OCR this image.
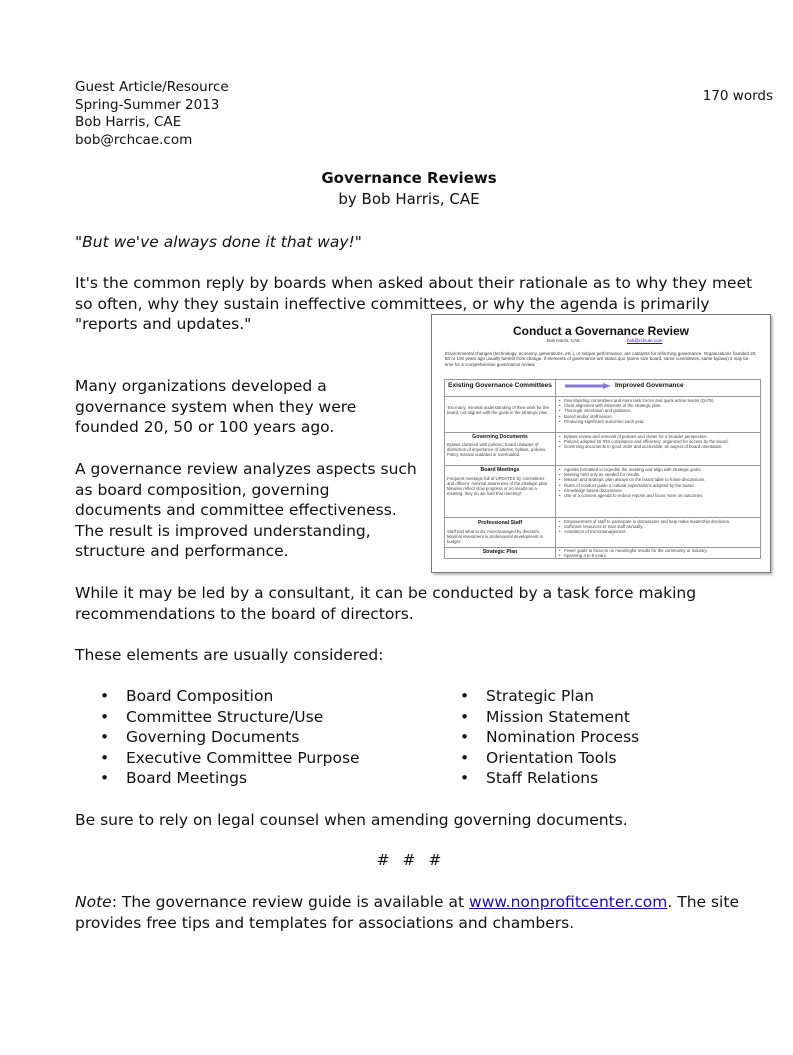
Guest Article/Resource
Spring-Summer 2013
Bob Harris, CAE
bob@rchcae.com
170 words
Governance Reviews
by Bob Harris, CAE
"But we've always done it that way!"
It's the common reply by boards when asked about their rationale as to why they meet so often, why they sustain ineffective committees, or why the agenda is primarily "reports and updates."
Many organizations developed a governance system when they were founded 20, 50 or 100 years ago.
A governance review analyzes aspects such as board composition, governing documents and committee effectiveness. The result is improved understanding, structure and performance.
While it may be led by a consultant, it can be conducted by a task force making recommendations to the board of directors.
These elements are usually considered:
• Board Composition
• Committee Structure/Use
• Governing Documents
• Executive Committee Purpose
• Board Meetings
• Strategic Plan
• Mission Statement
• Nomination Process
• Orientation Tools
• Staff Relations
Be sure to rely on legal counsel when amending governing documents.
# # #
Note: The governance review guide is available at www.nonprofitcenter.com. The site provides free tips and templates for associations and chambers.
Conduct a Governance Review
Bob Harris, CAE	bob@rchcae.com
Environmental changes (technology, economy, generations, etc.), or subpar performance, are catalysts for reforming governance. Organizations founded 20, 50 or 100 years ago usually benefit from change. If elements of governance are status quo (same size board, same committees, same bylaws) it may be time for a comprehensive governance review.
Existing Governance Committees	Improved Governance
Too many, minimal understanding of their work for the board, not aligned with the goals in the strategic plan.
• Few standing committees and more task forces and quick action teams (QATs).
• Clear alignment with elements of the strategic plan.
• Thorough orientation and guidance.
• Board and/or staff liaison.
• Producing significant outcomes each year.
Governing Documents
Bylaws cluttered with policies; board unaware of distinction of importance of articles, bylaws, policies. Policy manual outdated or overloaded.
• Bylaws review and removal of policies and clutter for a broader perspective.
• Policies adopted for IRS compliance and efficiency; organized for access by the board.
• Governing documents in good order and accessible; an aspect of board orientation.
Board Meetings
Frequent meetings full of UPDATES by committees and officers; minimal awareness of the strategic plan. Minutes reflect slow progress or no results as a meeting; they do we hold that meeting?
• Agenda formatted to expedite the meeting and align with strategic goals.
• Meeting held only as needed for results.
• Mission and strategic plan always on the board table to frame discussions.
• Rules of conduct guide a cultural expectations adopted by the board.
• Knowledge based discussions.
• Use of a consent agenda to reduce reports and focus more on outcomes.
Professional Staff
Staff told what to do; micromanaged by directors. Minimal investment in professional development in budget.
• Empowerment of staff to participate in discussions and help make leadership decisions.
• Sufficient resources to train staff annually.
• Avoidance of micromanagement.
Strategic Plan
•	Fewer goals to focus in on meaningful results for the community or industry.
• Spanning 3 to 5 years.
